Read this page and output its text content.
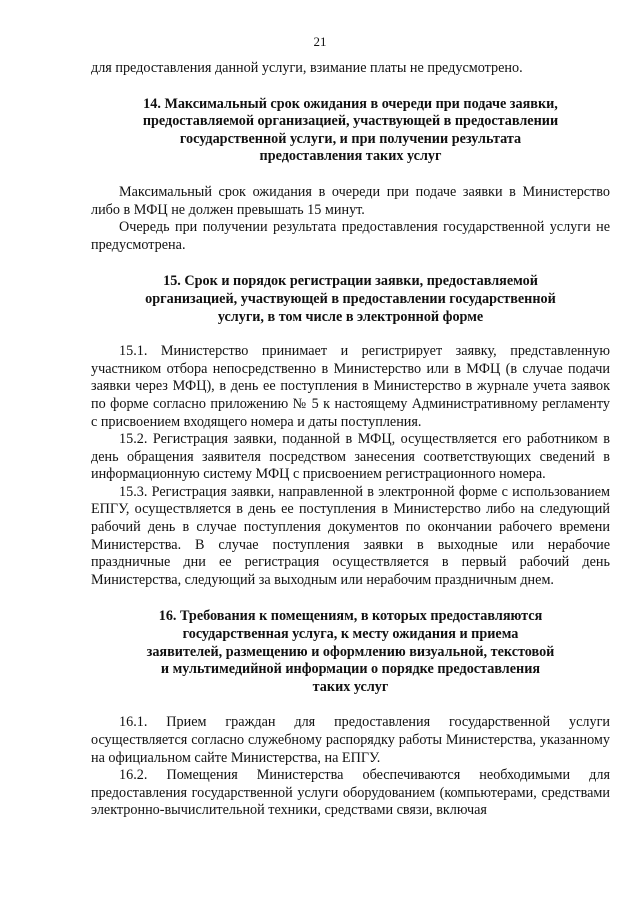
21

для предоставления данной услуги, взимание платы не предусмотрено.

14. Максимальный срок ожидания в очереди при подаче заявки,
предоставляемой организацией, участвующей в предоставлении
государственной услуги, и при получении результата
предоставления таких услуг

Максимальный срок ожидания в очереди при подаче заявки в Министерство либо в МФЦ не должен превышать 15 минут.

Очередь при получении результата предоставления государственной услуги не предусмотрена.

15. Срок и порядок регистрации заявки, предоставляемой
организацией, участвующей в предоставлении государственной
услуги, в том числе в электронной форме

15.1. Министерство принимает и регистрирует заявку, представленную участником отбора непосредственно в Министерство или в МФЦ (в случае подачи заявки через МФЦ), в день ее поступления в Министерство в журнале учета заявок по форме согласно приложению № 5 к настоящему Административному регламенту с присвоением входящего номера и даты поступления.

15.2. Регистрация заявки, поданной в МФЦ, осуществляется его работником в день обращения заявителя посредством занесения соответствующих сведений в информационную систему МФЦ с присвоением регистрационного номера.

15.3. Регистрация заявки, направленной в электронной форме с использованием ЕПГУ, осуществляется в день ее поступления в Министерство либо на следующий рабочий день в случае поступления документов по окончании рабочего времени Министерства. В случае поступления заявки в выходные или нерабочие праздничные дни ее регистрация осуществляется в первый рабочий день Министерства, следующий за выходным или нерабочим праздничным днем.

16. Требования к помещениям, в которых предоставляются
государственная услуга, к месту ожидания и приема
заявителей, размещению и оформлению визуальной, текстовой
и мультимедийной информации о порядке предоставления
таких услуг

16.1. Прием граждан для предоставления государственной услуги осуществляется согласно служебному распорядку работы Министерства, указанному на официальном сайте Министерства, на ЕПГУ.

16.2. Помещения Министерства обеспечиваются необходимыми для предоставления государственной услуги оборудованием (компьютерами, средствами электронно-вычислительной техники, средствами связи, включая
